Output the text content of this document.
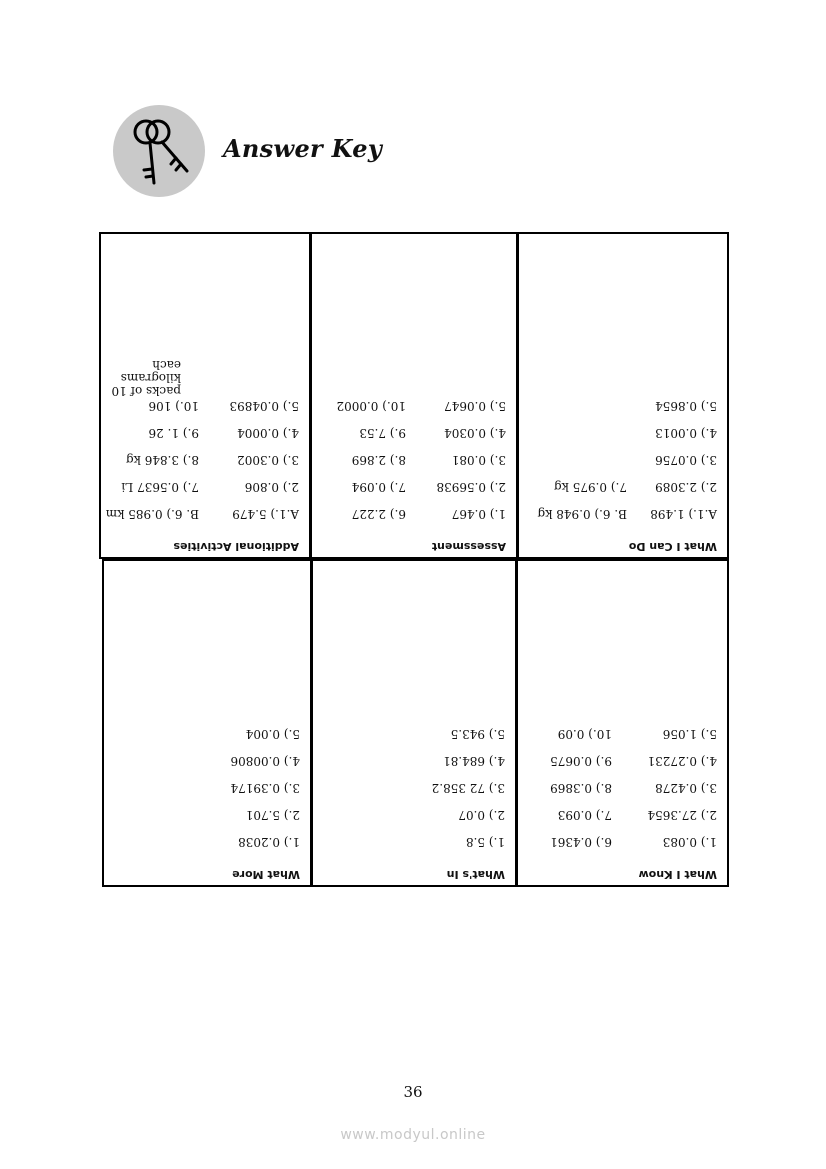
Answer Key
Additional Activities
A.1.) 5.479
2.) 0.806
3.) 0.3002
4.) 0.0004
5.) 0.04893
B. 6.) 0.985 km
7.) 0.5637 Li
8.) 3.846 kg
9.) 1. 26
10.) 106
packs of 10
kilograms
each
Assessment
1.) 0.467
2.) 0.56938
3.) 0.081
4.) 0.0304
5.) 0.0647
6.) 2.227
7.) 0.094
8.) 2.869
9.) 7.53
10.) 0.0002
What I Can Do
A.1.) 1.498
2.) 2.3089
3.) 0.0756
4.) 0.0013
5.) 0.8654
B. 6.) 0.948 kg
7.) 0.975 kg
What More
1.) 0.2038
2.) 5.701
3.) 0.39174
4.) 0.00806
5.) 0.004
What's In
1.) 5.8
2.) 0.07
3.) 72 358.2
4.) 684.81
5.) 943.5
What I Know
1.) 0.083
2.) 27.3654
3.) 0.4278
4.) 0.27231
5.) 1.056
6.) 0.4361
7.) 0.093
8.) 0.3869
9.) 0.0675
10.) 0.09
36
www.modyul.online
